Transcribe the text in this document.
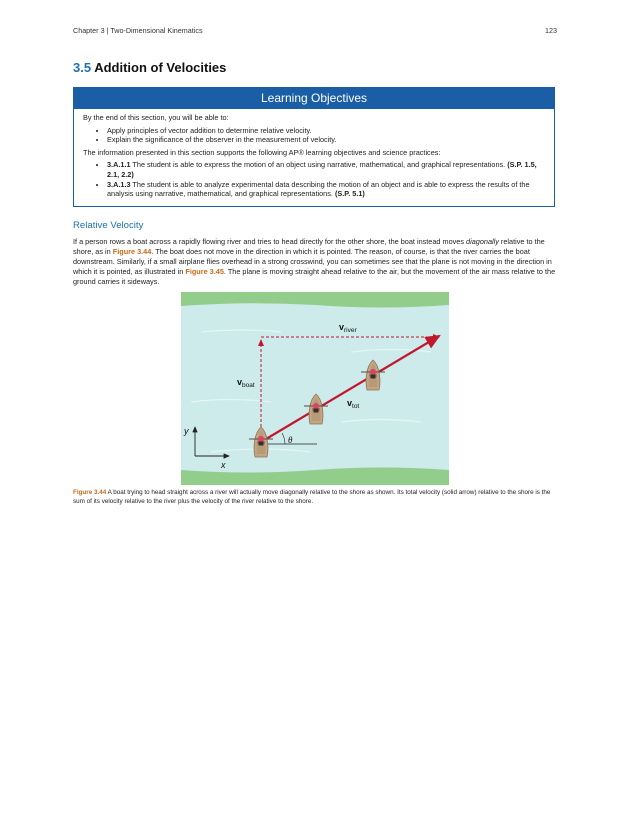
Chapter 3 | Two-Dimensional Kinematics	123
3.5 Addition of Velocities
Learning Objectives

By the end of this section, you will be able to:

• Apply principles of vector addition to determine relative velocity.
• Explain the significance of the observer in the measurement of velocity.

The information presented in this section supports the following AP® learning objectives and science practices:

• 3.A.1.1 The student is able to express the motion of an object using narrative, mathematical, and graphical representations. (S.P. 1.5, 2.1, 2.2)
• 3.A.1.3 The student is able to analyze experimental data describing the motion of an object and is able to express the results of the analysis using narrative, mathematical, and graphical representations. (S.P. 5.1)
Relative Velocity

If a person rows a boat across a rapidly flowing river and tries to head directly for the other shore, the boat instead moves diagonally relative to the shore, as in Figure 3.44. The boat does not move in the direction in which it is pointed. The reason, of course, is that the river carries the boat downstream. Similarly, if a small airplane flies overhead in a strong crosswind, you can sometimes see that the plane is not moving in the direction in which it is pointed, as illustrated in Figure 3.45. The plane is moving straight ahead relative to the air, but the movement of the air mass relative to the ground carries it sideways.

$v_{river}$
$v_{boat}$
$v_{tot}$
θ
y
x

Figure 3.44 A boat trying to head straight across a river will actually move diagonally relative to the shore as shown. Its total velocity (solid arrow) relative to the shore is the sum of its velocity relative to the river plus the velocity of the river relative to the shore.
